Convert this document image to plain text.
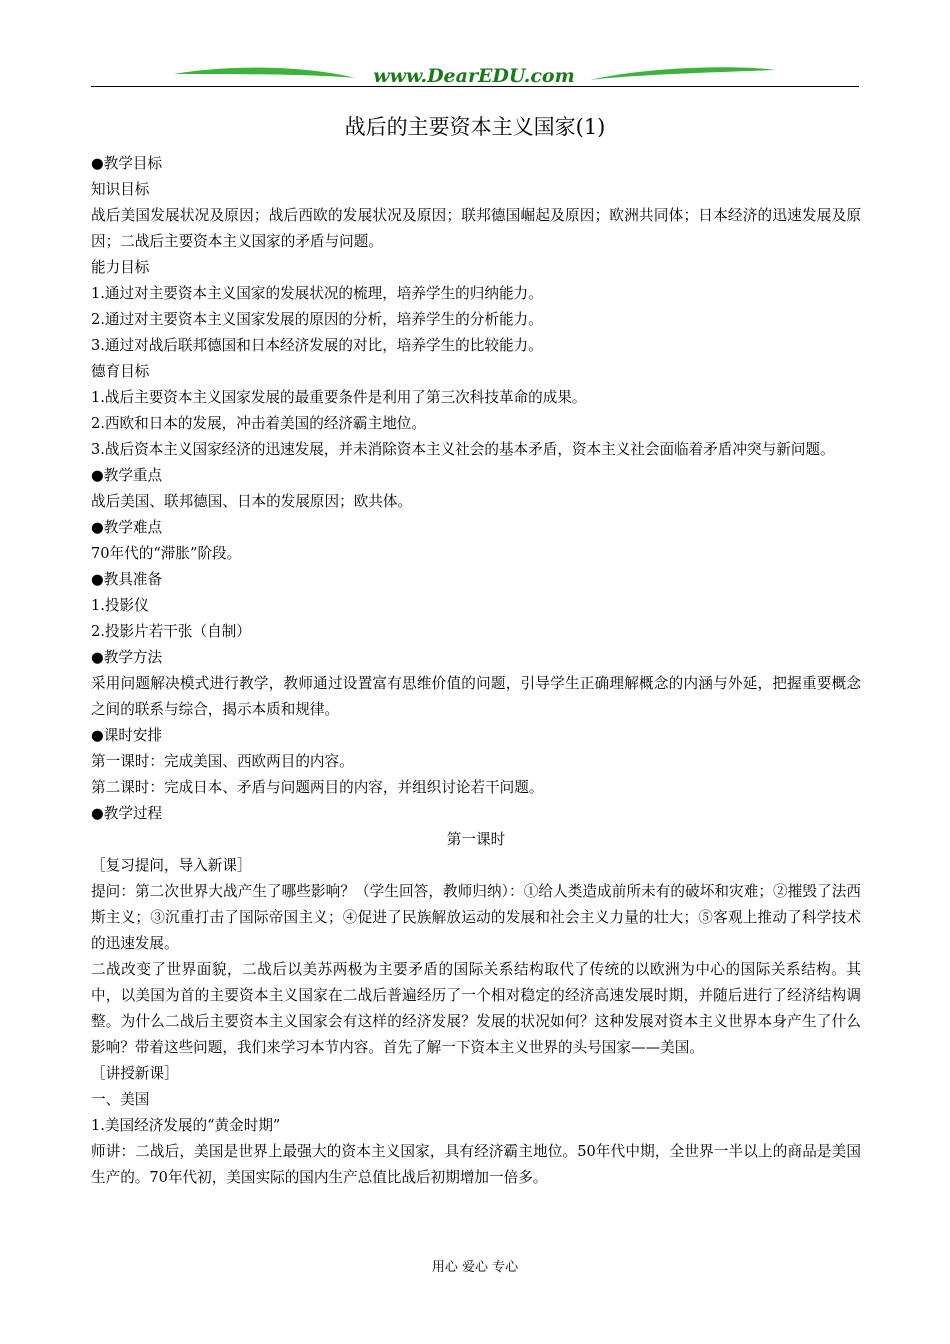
www.DearEDU.com
战后的主要资本主义国家(1)

●教学目标

知识目标

战后美国发展状况及原因；战后西欧的发展状况及原因；联邦德国崛起及原因；欧洲共同体；日本经济的迅速发展及原因；二战后主要资本主义国家的矛盾与问题。

能力目标

1.通过对主要资本主义国家的发展状况的梳理，培养学生的归纳能力。

2.通过对主要资本主义国家发展的原因的分析，培养学生的分析能力。

3.通过对战后联邦德国和日本经济发展的对比，培养学生的比较能力。

德育目标

1.战后主要资本主义国家发展的最重要条件是利用了第三次科技革命的成果。

2.西欧和日本的发展，冲击着美国的经济霸主地位。

3.战后资本主义国家经济的迅速发展，并未消除资本主义社会的基本矛盾，资本主义社会面临着矛盾冲突与新问题。

●教学重点

战后美国、联邦德国、日本的发展原因；欧共体。

●教学难点

70年代的“滞胀”阶段。

●教具准备

1.投影仪

2.投影片若干张（自制）

●教学方法

采用问题解决模式进行教学，教师通过设置富有思维价值的问题，引导学生正确理解概念的内涵与外延，把握重要概念之间的联系与综合，揭示本质和规律。

●课时安排

第一课时：完成美国、西欧两目的内容。

第二课时：完成日本、矛盾与问题两目的内容，并组织讨论若干问题。

●教学过程

第一课时

［复习提问，导入新课］

提问：第二次世界大战产生了哪些影响？（学生回答，教师归纳）：①给人类造成前所未有的破坏和灾难；②摧毁了法西斯主义；③沉重打击了国际帝国主义；④促进了民族解放运动的发展和社会主义力量的壮大；⑤客观上推动了科学技术的迅速发展。

二战改变了世界面貌，二战后以美苏两极为主要矛盾的国际关系结构取代了传统的以欧洲为中心的国际关系结构。其中，以美国为首的主要资本主义国家在二战后普遍经历了一个相对稳定的经济高速发展时期，并随后进行了经济结构调整。为什么二战后主要资本主义国家会有这样的经济发展？发展的状况如何？这种发展对资本主义世界本身产生了什么影响？带着这些问题，我们来学习本节内容。首先了解一下资本主义世界的头号国家——美国。

［讲授新课］

一、美国

1.美国经济发展的“黄金时期”

师讲：二战后，美国是世界上最强大的资本主义国家，具有经济霸主地位。50年代中期，全世界一半以上的商品是美国生产的。70年代初，美国实际的国内生产总值比战后初期增加一倍多。

用心 爱心 专心
